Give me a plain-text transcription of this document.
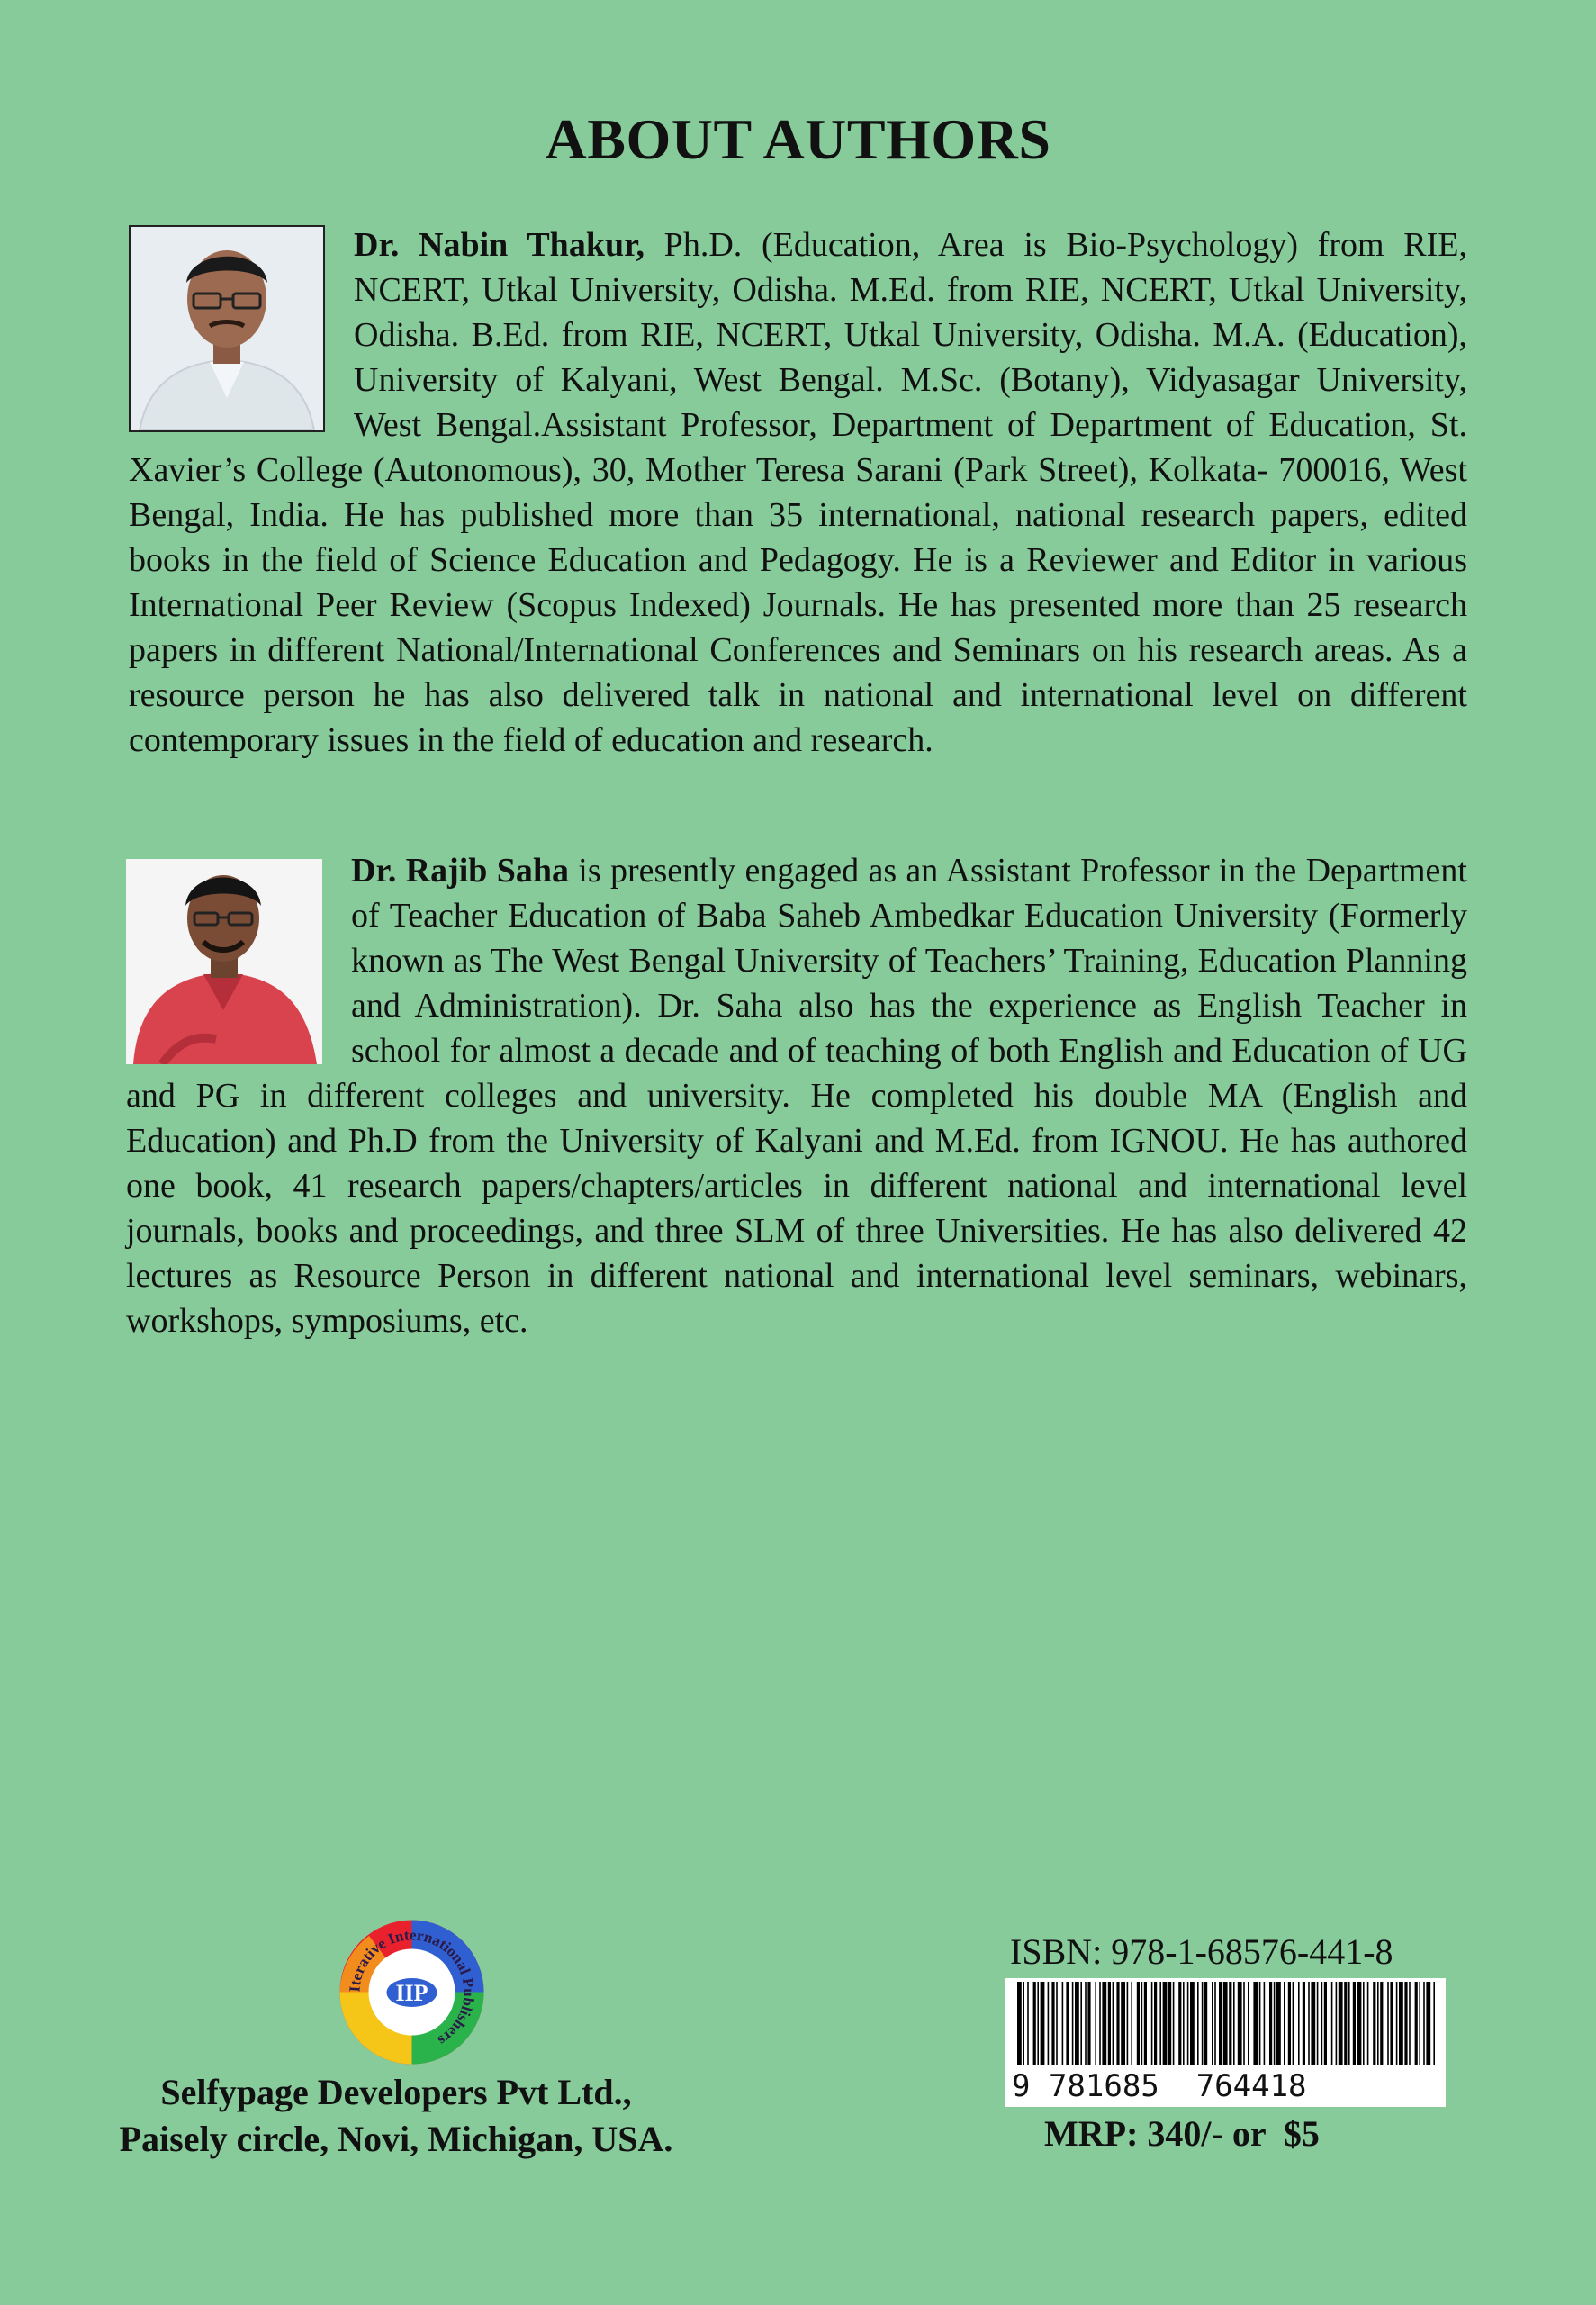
ABOUT AUTHORS

Dr. Nabin Thakur, Ph.D. (Education, Area is Bio-Psychology) from RIE, NCERT, Utkal University, Odisha. M.Ed. from RIE, NCERT, Utkal University, Odisha. B.Ed. from RIE, NCERT, Utkal University, Odisha. M.A. (Education), University of Kalyani, West Bengal. M.Sc. (Botany), Vidyasagar University, West Bengal.Assistant Professor, Department of Department of Education, St. Xavier’s College (Autonomous), 30, Mother Teresa Sarani (Park Street), Kolkata- 700016, West Bengal, India. He has published more than 35 international, national research papers, edited books in the field of Science Education and Pedagogy. He is a Reviewer and Editor in various International Peer Review (Scopus Indexed) Journals. He has presented more than 25 research papers in different National/International Conferences and Seminars on his research areas. As a resource person he has also delivered talk in national and international level on different contemporary issues in the field of education and research.

Dr. Rajib Saha is presently engaged as an Assistant Professor in the Department of Teacher Education of Baba Saheb Ambedkar Education University (Formerly known as The West Bengal University of Teachers’ Training, Education Planning and Administration). Dr. Saha also has the experience as English Teacher in school for almost a decade and of teaching of both English and Education of UG and PG in different colleges and university. He completed his double MA (English and Education) and Ph.D from the University of Kalyani and M.Ed. from IGNOU. He has authored one book, 41 research papers/chapters/articles in different national and international level journals, books and proceedings, and three SLM of three Universities. He has also delivered 42 lectures as Resource Person in different national and international level seminars, webinars, workshops, symposiums, etc.

Iterative International Publishers
IIP
Selfypage Developers Pvt Ltd.,
Paisely circle, Novi, Michigan, USA.
ISBN: 978-1-68576-441-8
9 781685  764418
MRP: 340/- or  $5
